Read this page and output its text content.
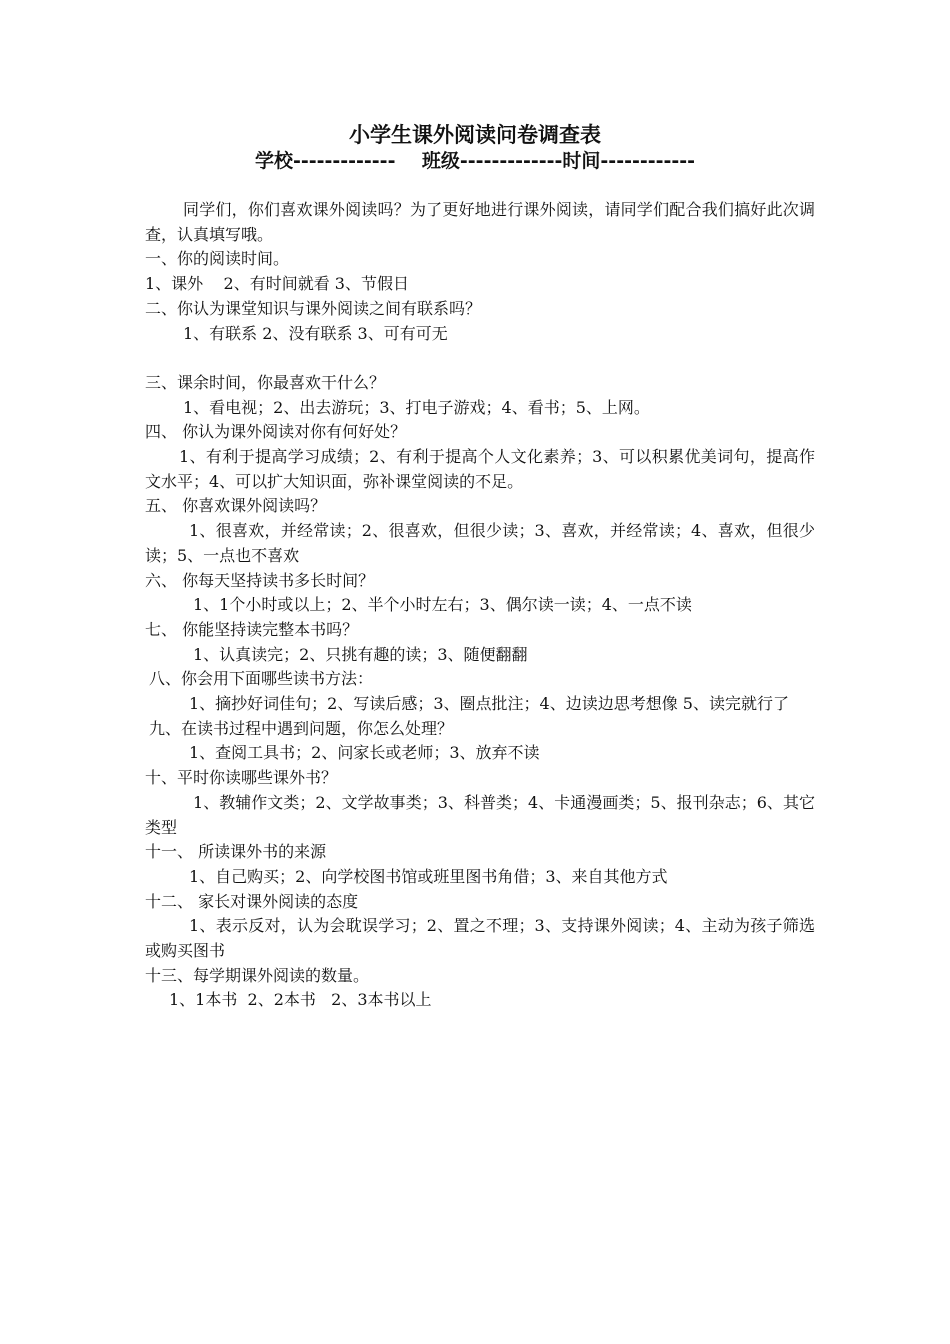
小学生课外阅读问卷调查表
学校-------------    班级-------------时间------------

同学们，你们喜欢课外阅读吗？为了更好地进行课外阅读，请同学们配合我们搞好此次调查，认真填写哦。

一、你的阅读时间。

1、课外    2、有时间就看 3、节假日

二、你认为课堂知识与课外阅读之间有联系吗？

1、有联系 2、没有联系 3、可有可无

三、课余时间，你最喜欢干什么？

1、看电视；2、出去游玩；3、打电子游戏；4、看书；5、上网。

四、 你认为课外阅读对你有何好处？

1、有利于提高学习成绩；2、有利于提高个人文化素养；3、可以积累优美词句，提高作文水平；4、可以扩大知识面，弥补课堂阅读的不足。

五、 你喜欢课外阅读吗？

1、很喜欢，并经常读；2、很喜欢，但很少读；3、喜欢，并经常读；4、喜欢，但很少读；5、一点也不喜欢

六、 你每天坚持读书多长时间？

1、1个小时或以上；2、半个小时左右；3、偶尔读一读；4、一点不读

七、 你能坚持读完整本书吗？

1、认真读完；2、只挑有趣的读；3、随便翻翻

八、你会用下面哪些读书方法：

1、摘抄好词佳句；2、写读后感；3、圈点批注；4、边读边思考想像 5、读完就行了

九、在读书过程中遇到问题，你怎么处理？

1、查阅工具书；2、问家长或老师；3、放弃不读

十、平时你读哪些课外书？

1、教辅作文类；2、文学故事类；3、科普类；4、卡通漫画类；5、报刊杂志；6、其它类型

十一、 所读课外书的来源

1、自己购买；2、向学校图书馆或班里图书角借；3、来自其他方式

十二、 家长对课外阅读的态度

1、表示反对，认为会耽误学习；2、置之不理；3、支持课外阅读；4、主动为孩子筛选或购买图书

十三、每学期课外阅读的数量。

1、1本书  2、2本书   2、3本书以上
